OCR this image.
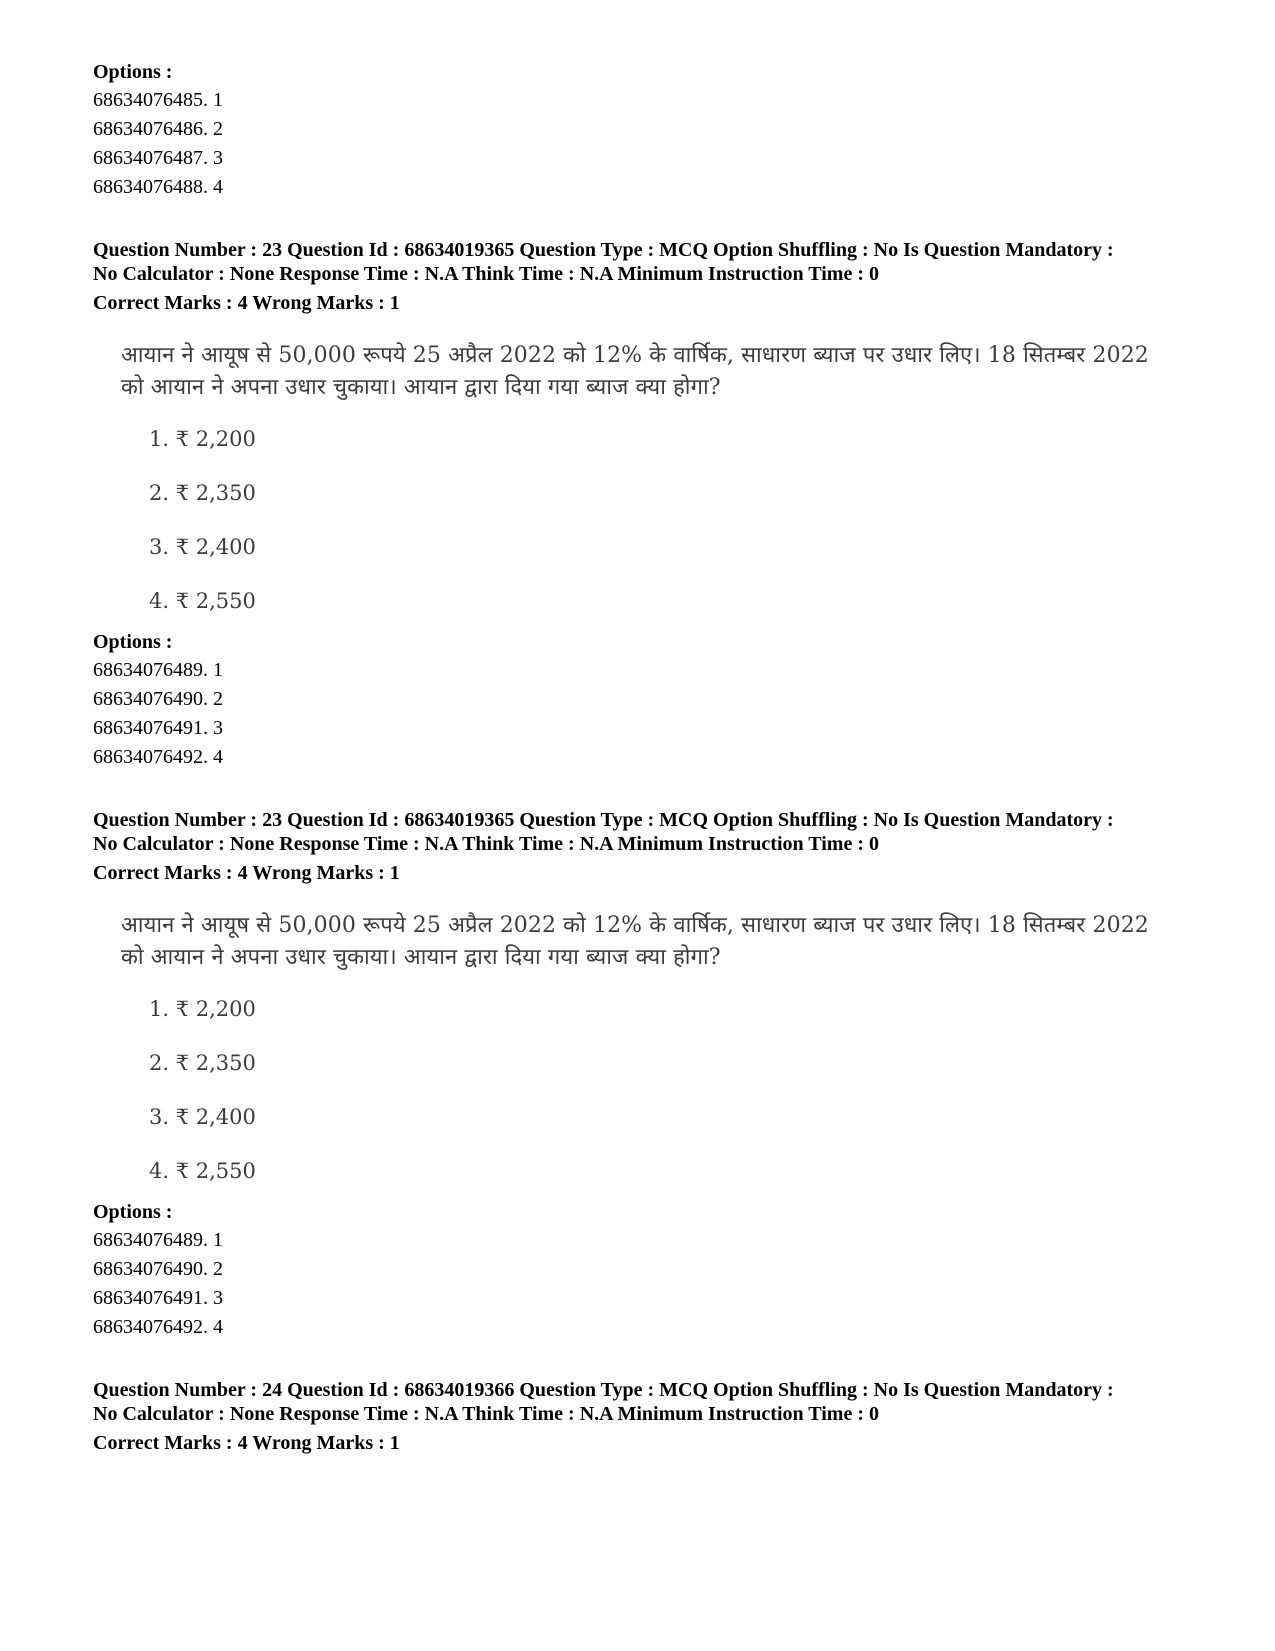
Options :
68634076485. 1
68634076486. 2
68634076487. 3
68634076488. 4
Question Number : 23 Question Id : 68634019365 Question Type : MCQ Option Shuffling : No Is Question Mandatory :
No Calculator : None Response Time : N.A Think Time : N.A Minimum Instruction Time : 0
Correct Marks : 4 Wrong Marks : 1
आयान ने आयूष से 50,000 रूपये 25 अप्रैल 2022 को 12% के वार्षिक, साधारण ब्याज पर उधार लिए। 18 सितम्बर 2022
को आयान ने अपना उधार चुकाया। आयान द्वारा दिया गया ब्याज क्या होगा?
1. ₹ 2,200
2. ₹ 2,350
3. ₹ 2,400
4. ₹ 2,550
Options :
68634076489. 1
68634076490. 2
68634076491. 3
68634076492. 4
Question Number : 23 Question Id : 68634019365 Question Type : MCQ Option Shuffling : No Is Question Mandatory :
No Calculator : None Response Time : N.A Think Time : N.A Minimum Instruction Time : 0
Correct Marks : 4 Wrong Marks : 1
आयान ने आयूष से 50,000 रूपये 25 अप्रैल 2022 को 12% के वार्षिक, साधारण ब्याज पर उधार लिए। 18 सितम्बर 2022
को आयान ने अपना उधार चुकाया। आयान द्वारा दिया गया ब्याज क्या होगा?
1. ₹ 2,200
2. ₹ 2,350
3. ₹ 2,400
4. ₹ 2,550
Options :
68634076489. 1
68634076490. 2
68634076491. 3
68634076492. 4
Question Number : 24 Question Id : 68634019366 Question Type : MCQ Option Shuffling : No Is Question Mandatory :
No Calculator : None Response Time : N.A Think Time : N.A Minimum Instruction Time : 0
Correct Marks : 4 Wrong Marks : 1
